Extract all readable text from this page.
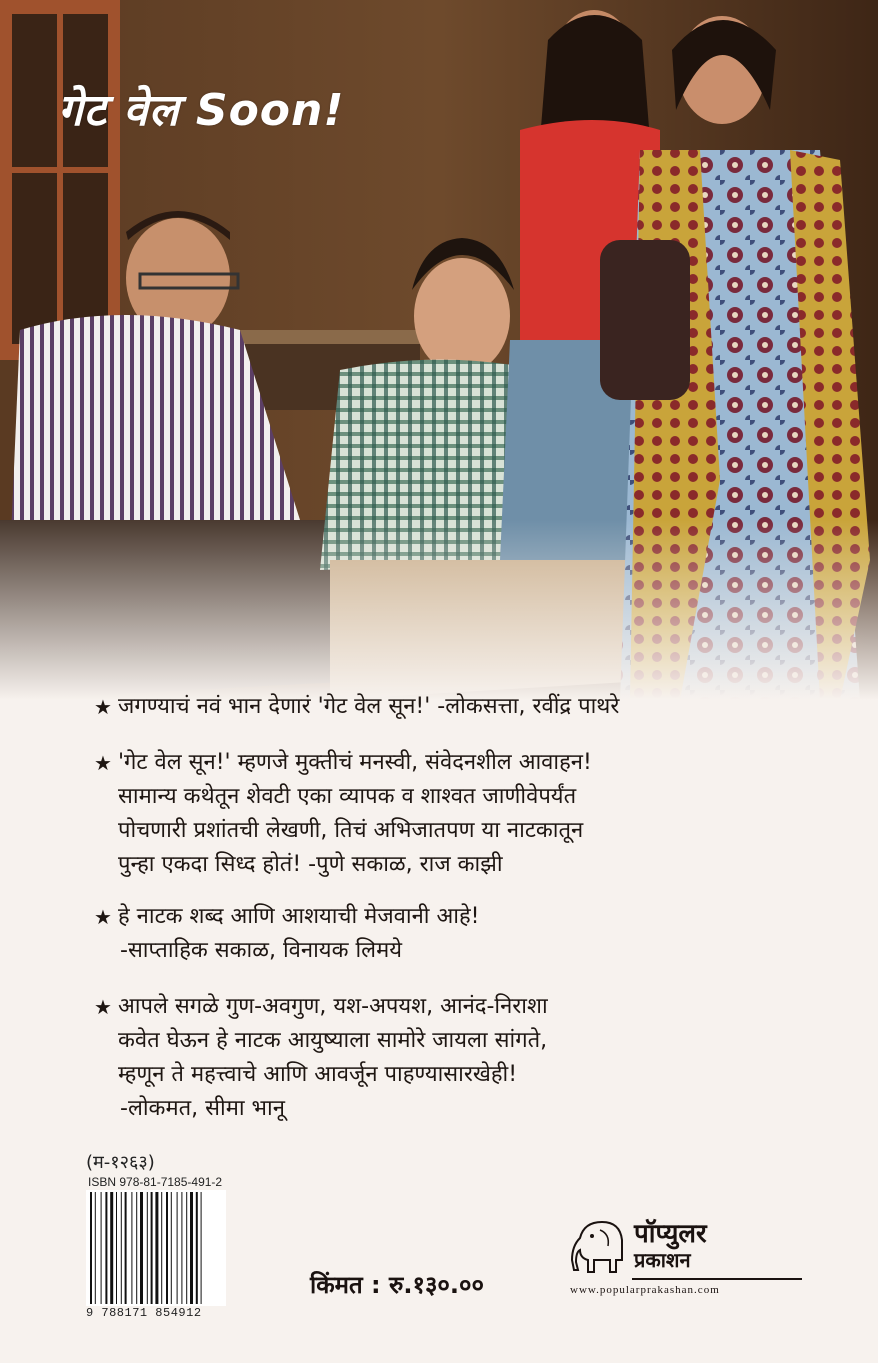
गेट वेल Soon!
★ जगण्याचं नवं भान देणारं 'गेट वेल सून!' -लोकसत्ता, रवींद्र पाथरे
★ 'गेट वेल सून!' म्हणजे मुक्तीचं मनस्वी, संवेदनशील आवाहन!
सामान्य कथेतून शेवटी एका व्यापक व शाश्वत जाणीवेपर्यंत
पोचणारी प्रशांतची लेखणी, तिचं अभिजातपण या नाटकातून
पुन्हा एकदा सिध्द होतं! -पुणे सकाळ, राज काझी
★ हे नाटक शब्द आणि आशयाची मेजवानी आहे!
-साप्ताहिक सकाळ, विनायक लिमये
★ आपले सगळे गुण-अवगुण, यश-अपयश, आनंद-निराशा
कवेत घेऊन हे नाटक आयुष्याला सामोरे जायला सांगते,
म्हणून ते महत्त्वाचे आणि आवर्जून पाहण्यासारखेही!
-लोकमत, सीमा भानू
(म-१२६३)
ISBN 978-81-7185-491-2
9 788171 854912
किंमत : रु.१३०.००
पॉप्युलर
प्रकाशन
www.popularprakashan.com
